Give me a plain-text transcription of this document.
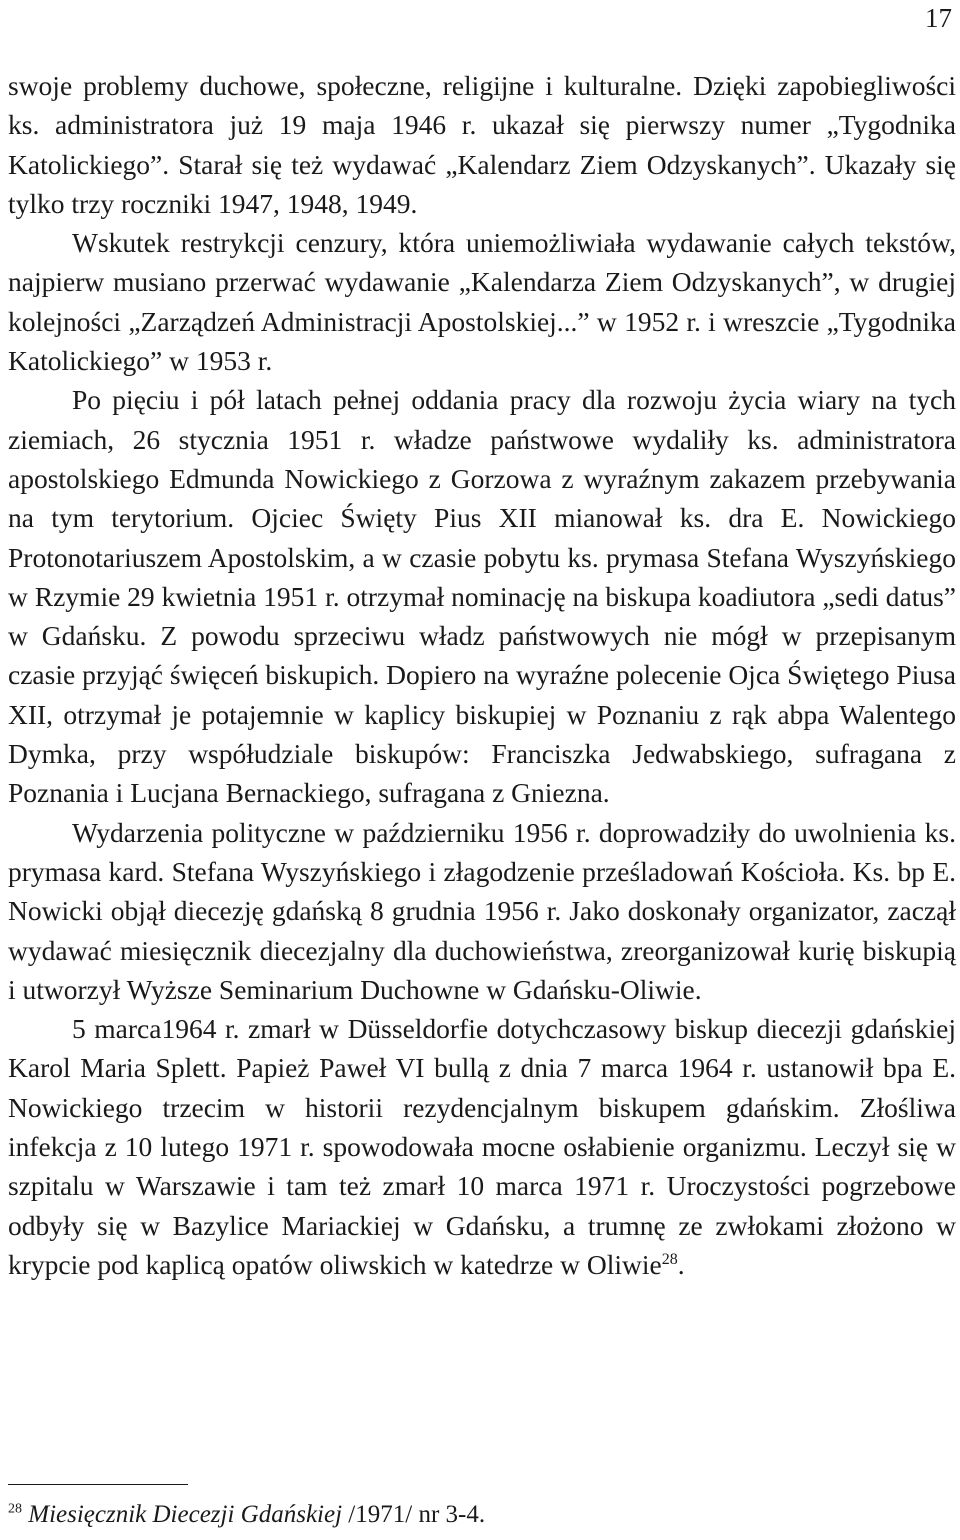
17

swoje problemy duchowe, społeczne, religijne i kulturalne. Dzięki zapobiegliwości ks. administratora już 19 maja 1946 r. ukazał się pierwszy numer „Tygodnika Katolickiego”. Starał się też wydawać „Kalendarz Ziem Odzyskanych”. Ukazały się tylko trzy roczniki 1947, 1948, 1949.

Wskutek restrykcji cenzury, która uniemożliwiała wydawanie całych tekstów, najpierw musiano przerwać wydawanie „Kalendarza Ziem Odzyskanych”, w drugiej kolejności „Zarządzeń Administracji Apostolskiej...” w 1952 r. i wreszcie „Tygodnika Katolickiego” w 1953 r.

Po pięciu i pół latach pełnej oddania pracy dla rozwoju życia wiary na tych ziemiach, 26 stycznia 1951 r. władze państwowe wydaliły ks. administratora apostolskiego Edmunda Nowickiego z Gorzowa z wyraźnym zakazem przebywania na tym terytorium. Ojciec Święty Pius XII mianował ks. dra E. Nowickiego Protonotariuszem Apostolskim, a w czasie pobytu ks. prymasa Stefana Wyszyńskiego w Rzymie 29 kwietnia 1951 r. otrzymał nominację na biskupa koadiutora „sedi datus” w Gdańsku. Z powodu sprzeciwu władz państwowych nie mógł w przepisanym czasie przyjąć święceń biskupich. Dopiero na wyraźne polecenie Ojca Świętego Piusa XII, otrzymał je potajemnie w kaplicy biskupiej w Poznaniu z rąk abpa Walentego Dymka, przy współudziale biskupów: Franciszka Jedwabskiego, sufragana z Poznania i Lucjana Bernackiego, sufragana z Gniezna.

Wydarzenia polityczne w październiku 1956 r. doprowadziły do uwolnienia ks. prymasa kard. Stefana Wyszyńskiego i złagodzenie prześladowań Kościoła. Ks. bp E. Nowicki objął diecezję gdańską 8 grudnia 1956 r. Jako doskonały organizator, zaczął wydawać miesięcznik diecezjalny dla duchowieństwa, zreorganizował kurię biskupią i utworzył Wyższe Seminarium Duchowne w Gdańsku-Oliwie.

5 marca1964 r. zmarł w Düsseldorfie dotychczasowy biskup diecezji gdańskiej Karol Maria Splett. Papież Paweł VI bullą z dnia 7 marca 1964 r. ustanowił bpa E. Nowickiego trzecim w historii rezydencjalnym biskupem gdańskim. Złośliwa infekcja z 10 lutego 1971 r. spowodowała mocne osłabienie organizmu. Leczył się w szpitalu w Warszawie i tam też zmarł 10 marca 1971 r. Uroczystości pogrzebowe odbyły się w Bazylice Mariackiej w Gdańsku, a trumnę ze zwłokami złożono w krypcie pod kaplicą opatów oliwskich w katedrze w Oliwie$^{28}$.

$^{28}$ Miesięcznik Diecezji Gdańskiej /1971/ nr 3-4.
